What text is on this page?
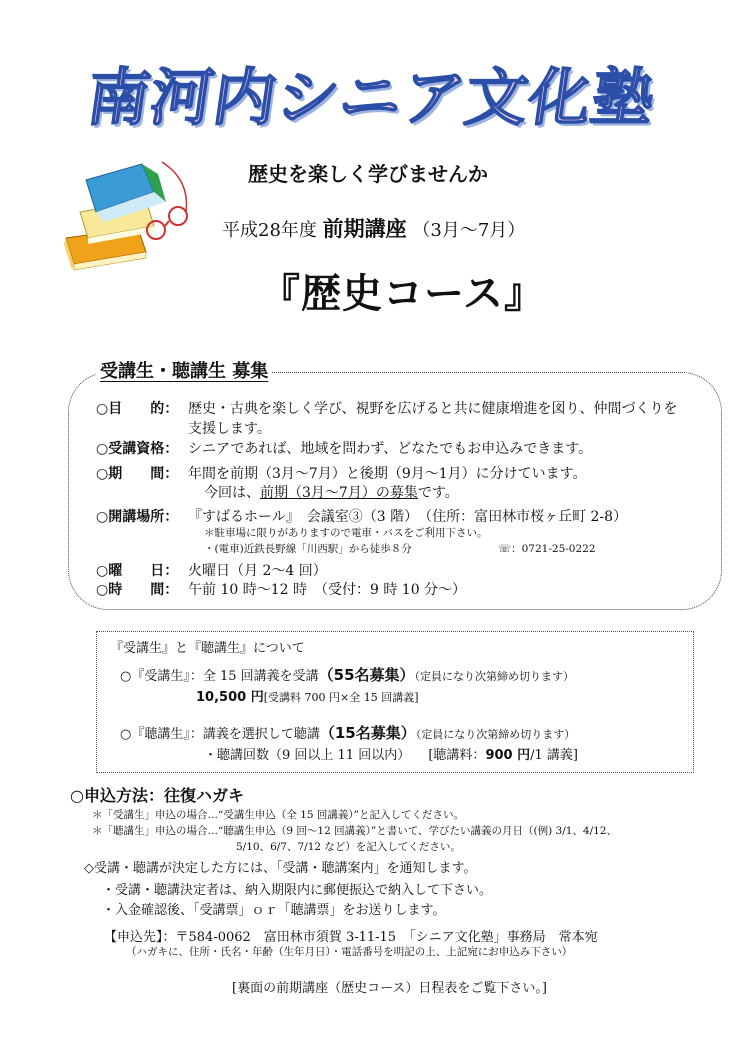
南河内シニア文化塾
歴史を楽しく学びませんか
平成28年度 前期講座 （3月～7月）
『歴史コース』
受講生・聴講生 募集
○目　　的： 歴史・古典を楽しく学び、視野を広げると共に健康増進を図り、仲間づくりを
支援します。
○受講資格： シニアであれば、地域を問わず、どなたでもお申込みできます。
○期　　間： 年間を前期（3月～7月）と後期（9月～1月）に分けています。
今回は、前期（3月～7月）の募集です。
○開講場所： 『すばるホール』　会議室③（3 階）　（住所：富田林市桜ヶ丘町 2-8）
＊駐車場に限りがありますので電車・バスをご利用下さい。
・(電車)近鉄長野線「川西駅」から徒歩８分	☏：0721-25-0222
○曜　　日： 火曜日（月 2～4 回）
○時　　間： 午前 10 時～12 時　（受付：9 時 10 分～）
『受講生』と『聴講生』について
○『受講生』：全 15 回講義を受講（55名募集）（定員になり次第締め切ります）
10,500 円[受講料 700 円×全 15 回講義]
○『聴講生』：講義を選択して聴講（15名募集）（定員になり次第締め切ります）
・聴講回数（9 回以上 11 回以内） [聴講料：900 円/1 講義]
○申込方法：往復ハガキ
＊「受講生」申込の場合…“受講生申込（全 15 回講義）”と記入してください。
＊「聴講生」申込の場合…“聴講生申込（9 回～12 回講義）”と書いて、学びたい講義の月日（(例) 3/1、4/12、
5/10、6/7、7/12 など）を記入してください。
◇受講・聴講が決定した方には、「受講・聴講案内」を通知します。
・受講・聴講決定者は、納入期限内に郵便振込で納入して下さい。
・入金確認後、「受講票」ｏｒ「聴講票」をお送りします。
【申込先】：〒584-0062　富田林市須賀 3-11-15　「シニア文化塾」事務局　常本宛
（ハガキに、住所・氏名・年齢（生年月日）・電話番号を明記の上、上記宛にお申込み下さい）
[裏面の前期講座（歴史コース）日程表をご覧下さい。]
